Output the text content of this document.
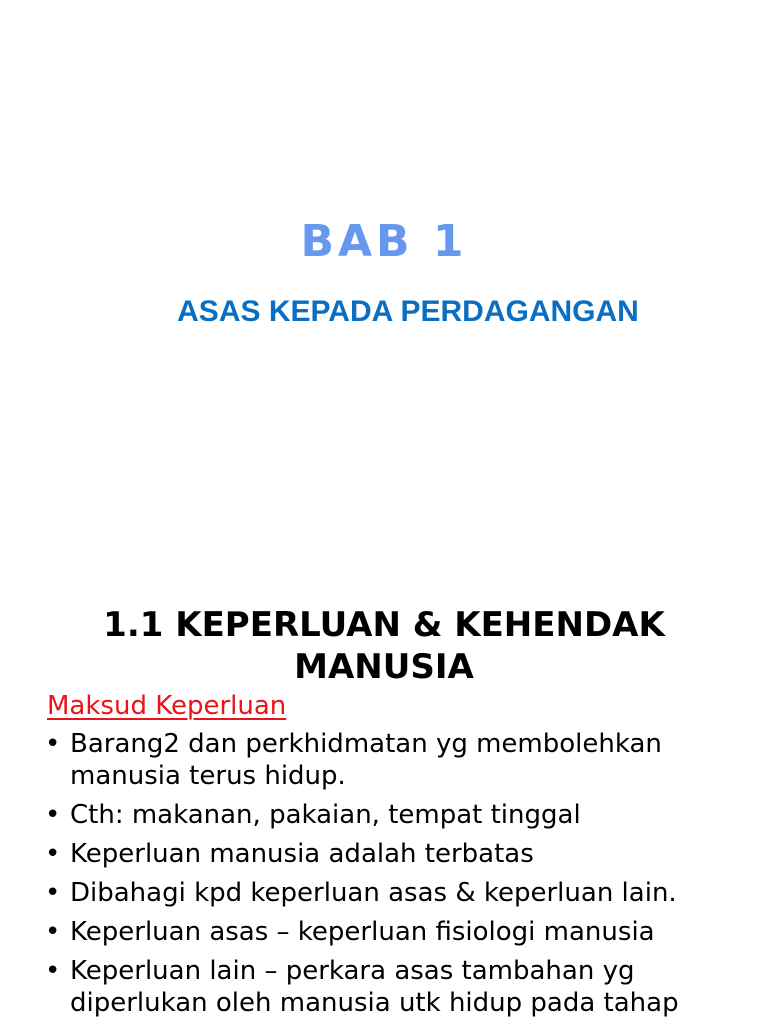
BAB 1
ASAS KEPADA PERDAGANGAN
1.1 KEPERLUAN & KEHENDAK
MANUSIA
Maksud Keperluan
• Barang2 dan perkhidmatan yg membolehkan manusia terus hidup.
• Cth: makanan, pakaian, tempat tinggal
• Keperluan manusia adalah terbatas
• Dibahagi kpd keperluan asas & keperluan lain.
• Keperluan asas – keperluan fisiologi manusia
• Keperluan lain – perkara asas tambahan yg diperlukan oleh manusia utk hidup pada tahap
